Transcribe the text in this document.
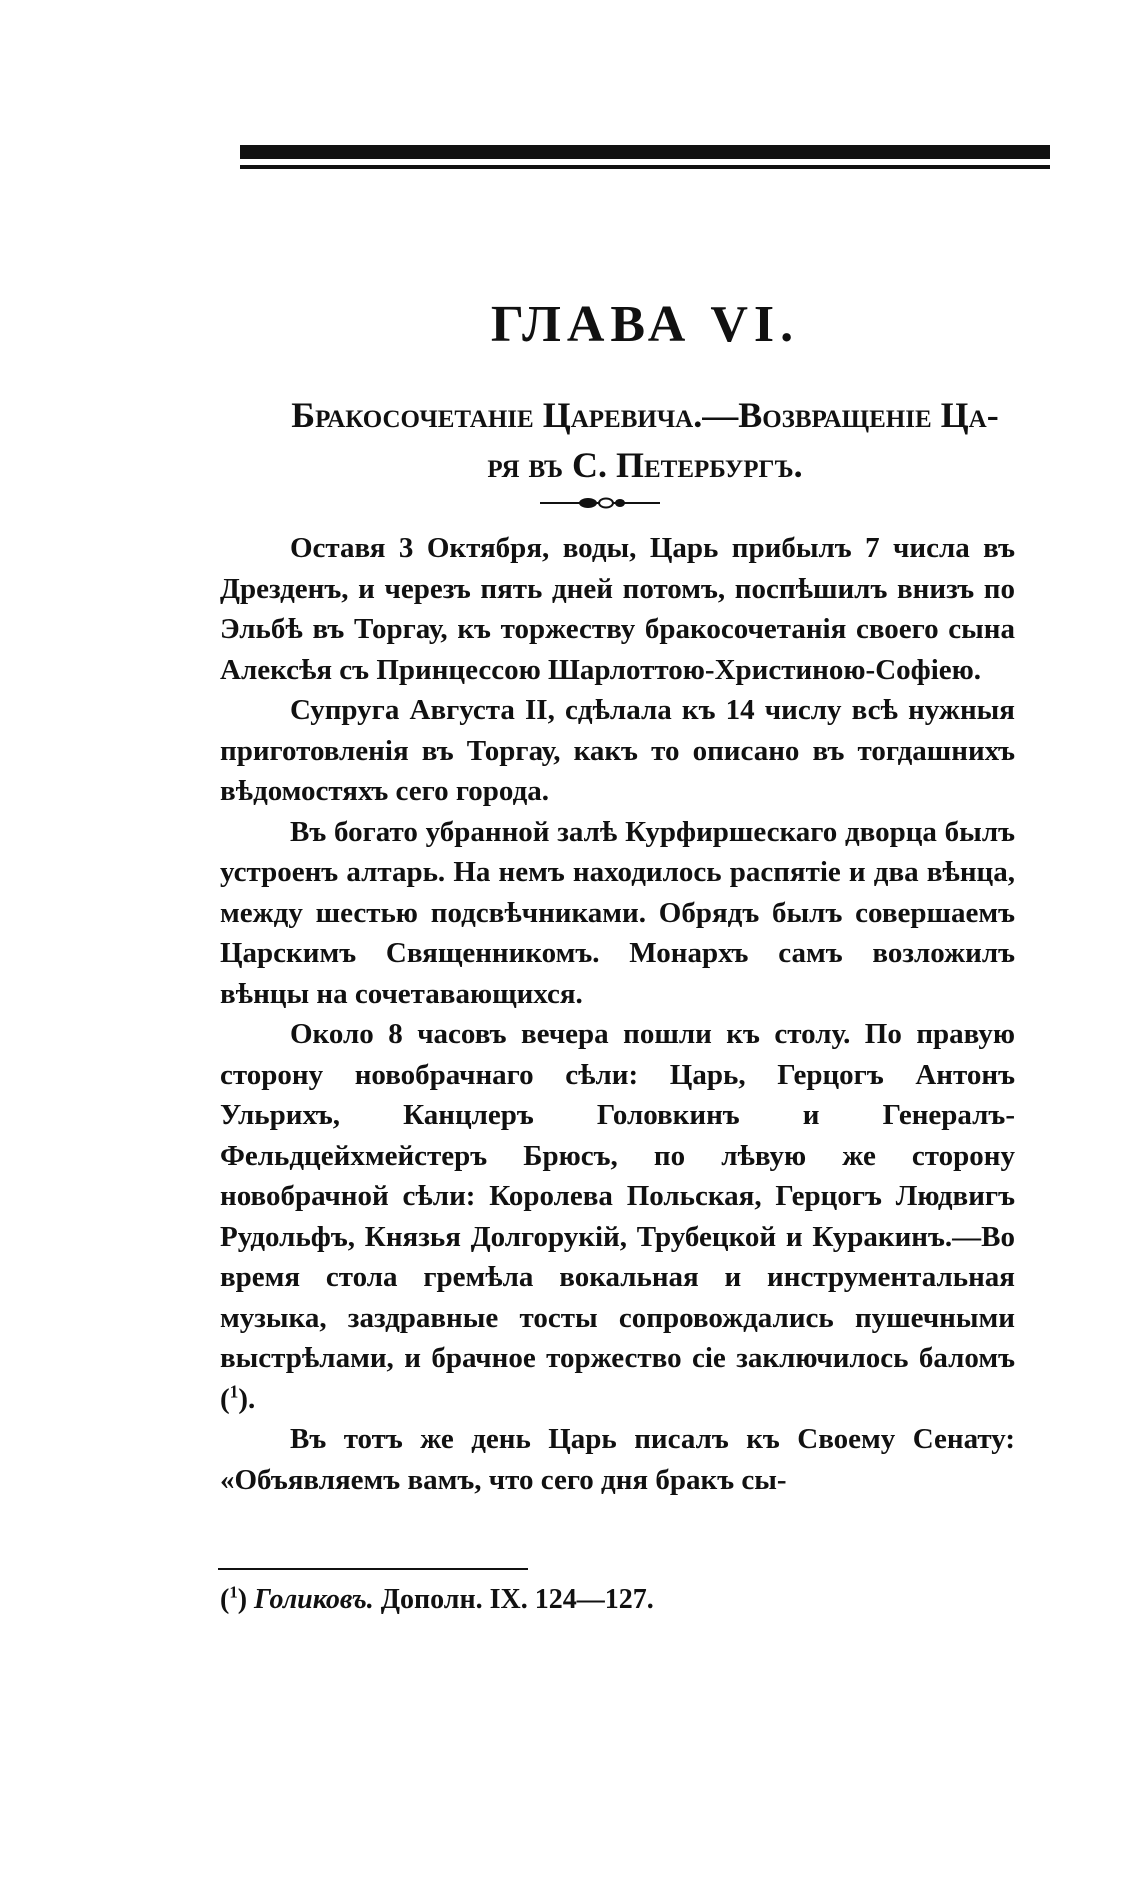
ГЛАВА VI.
Бракосочетанiе Царевича.—Возвращенiе Ца-
ря въ С. Петербургъ.

Оставя 3 Октября, воды, Царь прибылъ 7 числа въ Дрезденъ, и черезъ пять дней потомъ, поспѣшилъ внизъ по Эльбѣ въ Торгау, къ торжеству бракосочетанiя своего сына Алексѣя съ Принцессою Шарлоттою-Христиною-Софiею.

Супруга Августа II, сдѣлала къ 14 числу всѣ нужныя приготовленiя въ Торгау, какъ то описано въ тогдашнихъ вѣдомостяхъ сего города.

Въ богато убранной залѣ Курфиршескаго дворца былъ устроенъ алтарь. На немъ находилось распятiе и два вѣнца, между шестью подсвѣчниками. Обрядъ былъ совершаемъ Царскимъ Священникомъ. Монархъ самъ возложилъ вѣнцы на сочетавающихся.

Около 8 часовъ вечера пошли къ столу. По правую сторону новобрачнаго сѣли: Царь, Герцогъ Антонъ Ульрихъ, Канцлеръ Головкинъ и Генералъ-Фельдцейхмейстеръ Брюсъ, по лѣвую же сторону новобрачной сѣли: Королева Польская, Герцогъ Людвигъ Рудольфъ, Князья Долгорукiй, Трубецкой и Куракинъ.—Во время стола гремѣла вокальная и инструментальная музыка, заздравные тосты сопровождались пушечными выстрѣлами, и брачное торжество сiе заключилось баломъ ($^1$).

Въ тотъ же день Царь писалъ къ Своему Сенату: «Объявляемъ вамъ, что сего дня бракъ сы-

($^1$) Голиковъ. Дополн. IX. 124—127.
